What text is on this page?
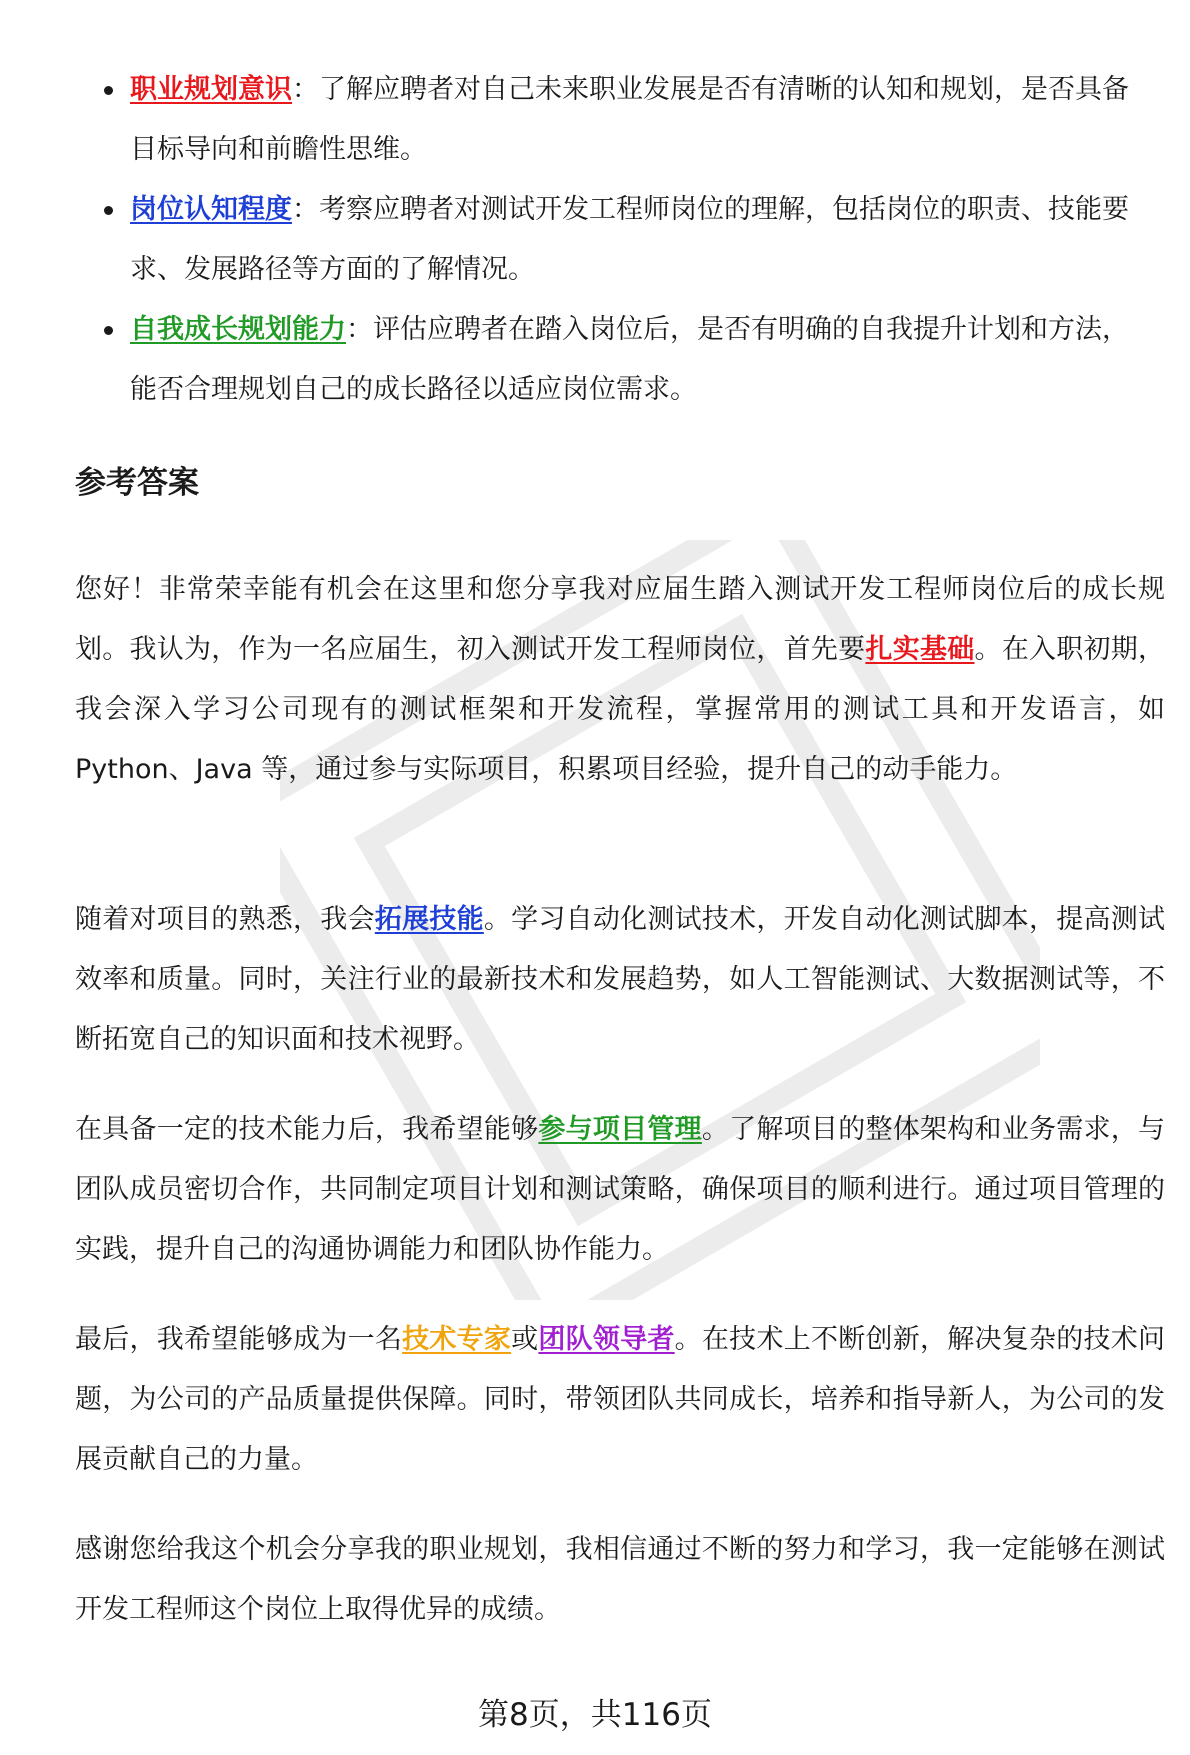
职业规划意识：了解应聘者对自己未来职业发展是否有清晰的认知和规划，是否具备目标导向和前瞻性思维。
岗位认知程度：考察应聘者对测试开发工程师岗位的理解，包括岗位的职责、技能要求、发展路径等方面的了解情况。
自我成长规划能力：评估应聘者在踏入岗位后，是否有明确的自我提升计划和方法，能否合理规划自己的成长路径以适应岗位需求。
参考答案

您好！非常荣幸能有机会在这里和您分享我对应届生踏入测试开发工程师岗位后的成长规划。我认为，作为一名应届生，初入测试开发工程师岗位，首先要扎实基础。在入职初期，我会深入学习公司现有的测试框架和开发流程，掌握常用的测试工具和开发语言，如 Python、Java 等，通过参与实际项目，积累项目经验，提升自己的动手能力。

随着对项目的熟悉，我会拓展技能。学习自动化测试技术，开发自动化测试脚本，提高测试效率和质量。同时，关注行业的最新技术和发展趋势，如人工智能测试、大数据测试等，不断拓宽自己的知识面和技术视野。

在具备一定的技术能力后，我希望能够参与项目管理。了解项目的整体架构和业务需求，与团队成员密切合作，共同制定项目计划和测试策略，确保项目的顺利进行。通过项目管理的实践，提升自己的沟通协调能力和团队协作能力。

最后，我希望能够成为一名技术专家或团队领导者。在技术上不断创新，解决复杂的技术问题，为公司的产品质量提供保障。同时，带领团队共同成长，培养和指导新人，为公司的发展贡献自己的力量。

感谢您给我这个机会分享我的职业规划，我相信通过不断的努力和学习，我一定能够在测试开发工程师这个岗位上取得优异的成绩。

第8页，共116页
